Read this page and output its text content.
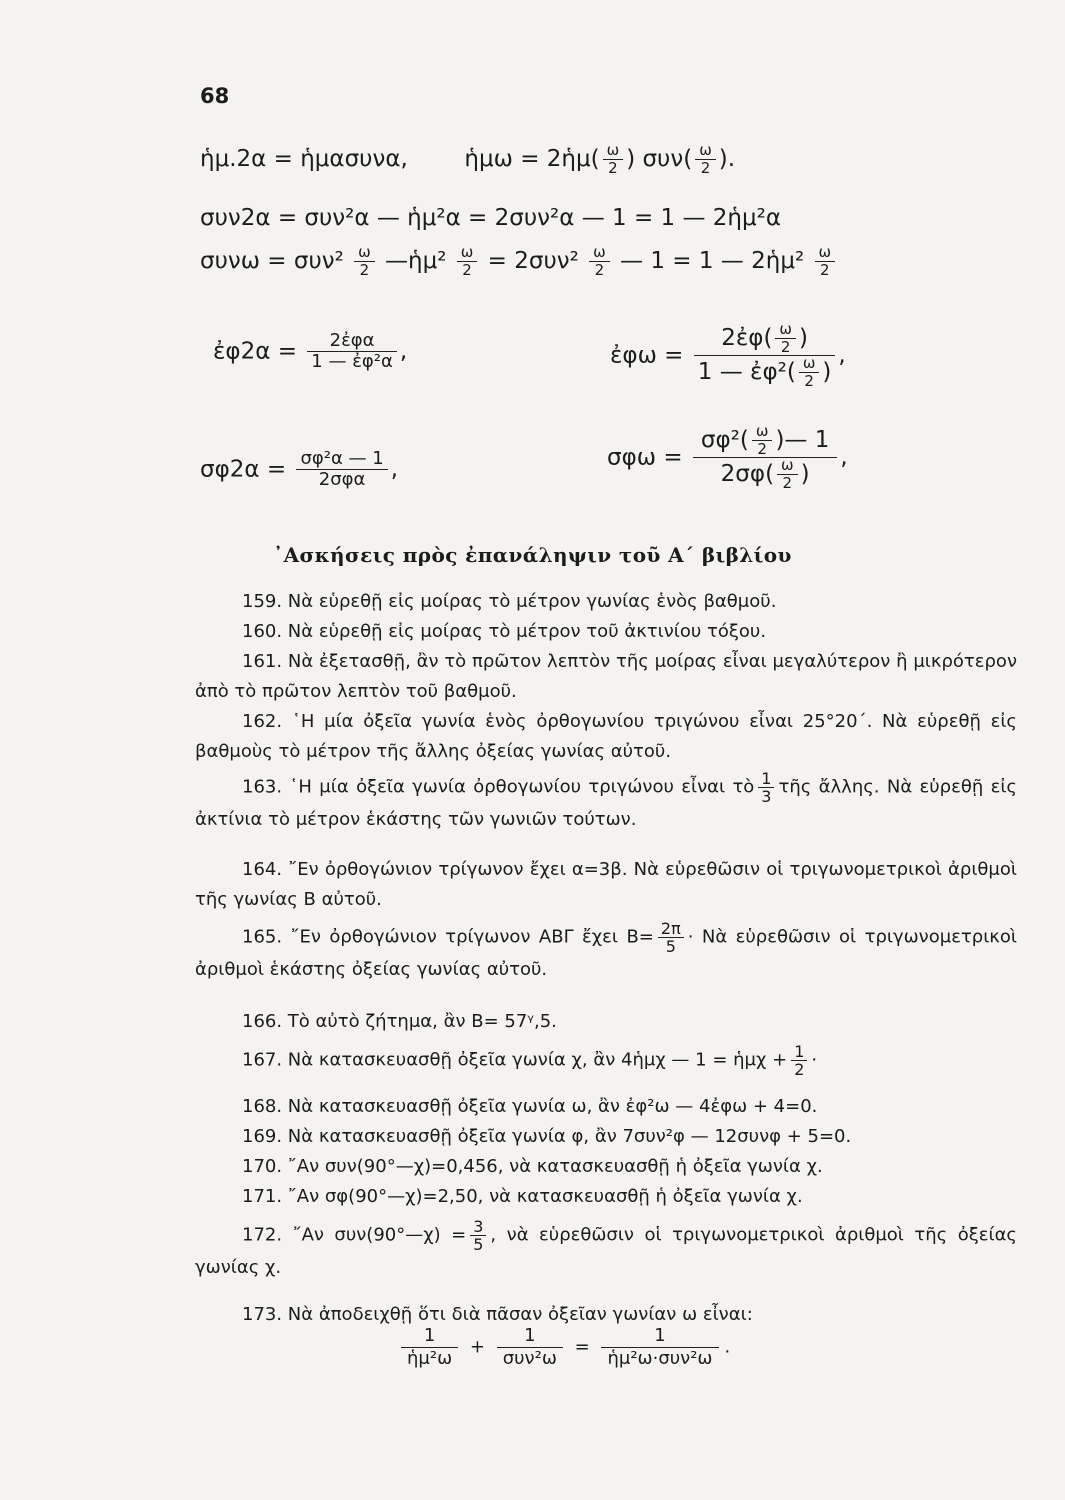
68
ἡμ.2α = ἡμασυνα, ἡμω = 2ἡμ( $\frac{\omega}{2}$ ) $\sigma\upsilon\nu( \frac{\omega}{2}$ ).
συν2α = συν²α — ἡμ²α = 2συν²α — 1 = 1 — 2ἡμ²α
$\sigma\upsilon\nu\omega = \sigma\upsilon\nu^2 \frac{\omega}{2}$ —ἡμ² $\frac{\omega}{2} = 2\sigma\upsilon\nu^2 \frac{\omega}{2}$ — 1 = 1 — 2ἡμ² $\frac{\omega}{2}$
ἐφ2α = $\frac{\text{2ἐφα}}{\text{1 — ἐφ²α}}$ ,	ἐφω = $\frac{2ἐ\varphi( \frac{\omega}{2} )}{1 — ἐ\varphi^2( \frac{\omega}{2} )}$ ,
$\sigma\varphi 2\alpha = \frac{\text{σφ²α — 1}}{\text{2σφα}}$ ,	$\sigma\varphi\omega = \frac{\sigma\varphi^2( \frac{\omega}{2} )— 1}{2\sigma\varphi( \frac{\omega}{2} )}$ ,
᾿Ασκήσεις πρὸς ἐπανάληψιν τοῦ Α΄ βιβλίου
159. Νὰ εὑρεθῇ εἰς μοίρας τὸ μέτρον γωνίας ἑνὸς βαθμοῦ.
160. Νὰ εὑρεθῇ εἰς μοίρας τὸ μέτρον τοῦ ἀκτινίου τόξου.
161. Νὰ ἐξετασθῇ, ἂν τὸ πρῶτον λεπτὸν τῆς μοίρας εἶναι μεγαλύτερον ἢ μικρότερον ἀπὸ τὸ πρῶτον λεπτὸν τοῦ βαθμοῦ.
162. ῾Η μία ὀξεῖα γωνία ἑνὸς ὀρθογωνίου τριγώνου εἶναι 25°20΄. Νὰ εὑρεθῇ εἰς βαθμοὺς τὸ μέτρον τῆς ἄλλης ὀξείας γωνίας αὐτοῦ.
163. ῾Η μία ὀξεῖα γωνία ὀρθογωνίου τριγώνου εἶναι τὸ $\frac{1}{3}$ τῆς ἄλλης. Νὰ εὑρεθῇ εἰς ἀκτίνια τὸ μέτρον ἑκάστης τῶν γωνιῶν τούτων.
164. ῎Εν ὀρθογώνιον τρίγωνον ἔχει α=3β. Νὰ εὑρεθῶσιν οἱ τριγωνομετρικοὶ ἀριθμοὶ τῆς γωνίας Β αὐτοῦ.
165. ῎Εν ὀρθογώνιον τρίγωνον ΑΒΓ ἔχει $B= \frac{2\pi}{5}$ · Νὰ εὑρεθῶσιν οἱ τριγωνομετρικοὶ ἀριθμοὶ ἑκάστης ὀξείας γωνίας αὐτοῦ.
166. Τὸ αὐτὸ ζήτημα, ἂν Β= 57ᵞ,5.
167. Νὰ κατασκευασθῇ ὀξεῖα γωνία χ, ἂν 4ἡμχ — 1 = ἡμχ + $\frac{1}{2}$ ·
168. Νὰ κατασκευασθῇ ὀξεῖα γωνία ω, ἂν ἐφ²ω — 4ἐφω + 4=0.
169. Νὰ κατασκευασθῇ ὀξεῖα γωνία φ, ἂν 7συν²φ — 12συνφ + 5=0.
170. ῎Αν συν(90°—χ)=0,456, νὰ κατασκευασθῇ ἡ ὀξεῖα γωνία χ.
171. ῎Αν σφ(90°—χ)=2,50, νὰ κατασκευασθῇ ἡ ὀξεῖα γωνία χ.
172. ῎Αν συν(90°—χ) = $\frac{3}{5}$ , νὰ εὑρεθῶσιν οἱ τριγωνομετρικοὶ ἀριθμοὶ τῆς ὀξείας γωνίας χ.
173. Νὰ ἀποδειχθῇ ὅτι διὰ πᾶσαν ὀξεῖαν γωνίαν ω εἶναι:
$\frac{1}{\text{ἡμ²ω}}$ +
1
συν²ω
=
1
ἡμ²ω·συν²ω
.
